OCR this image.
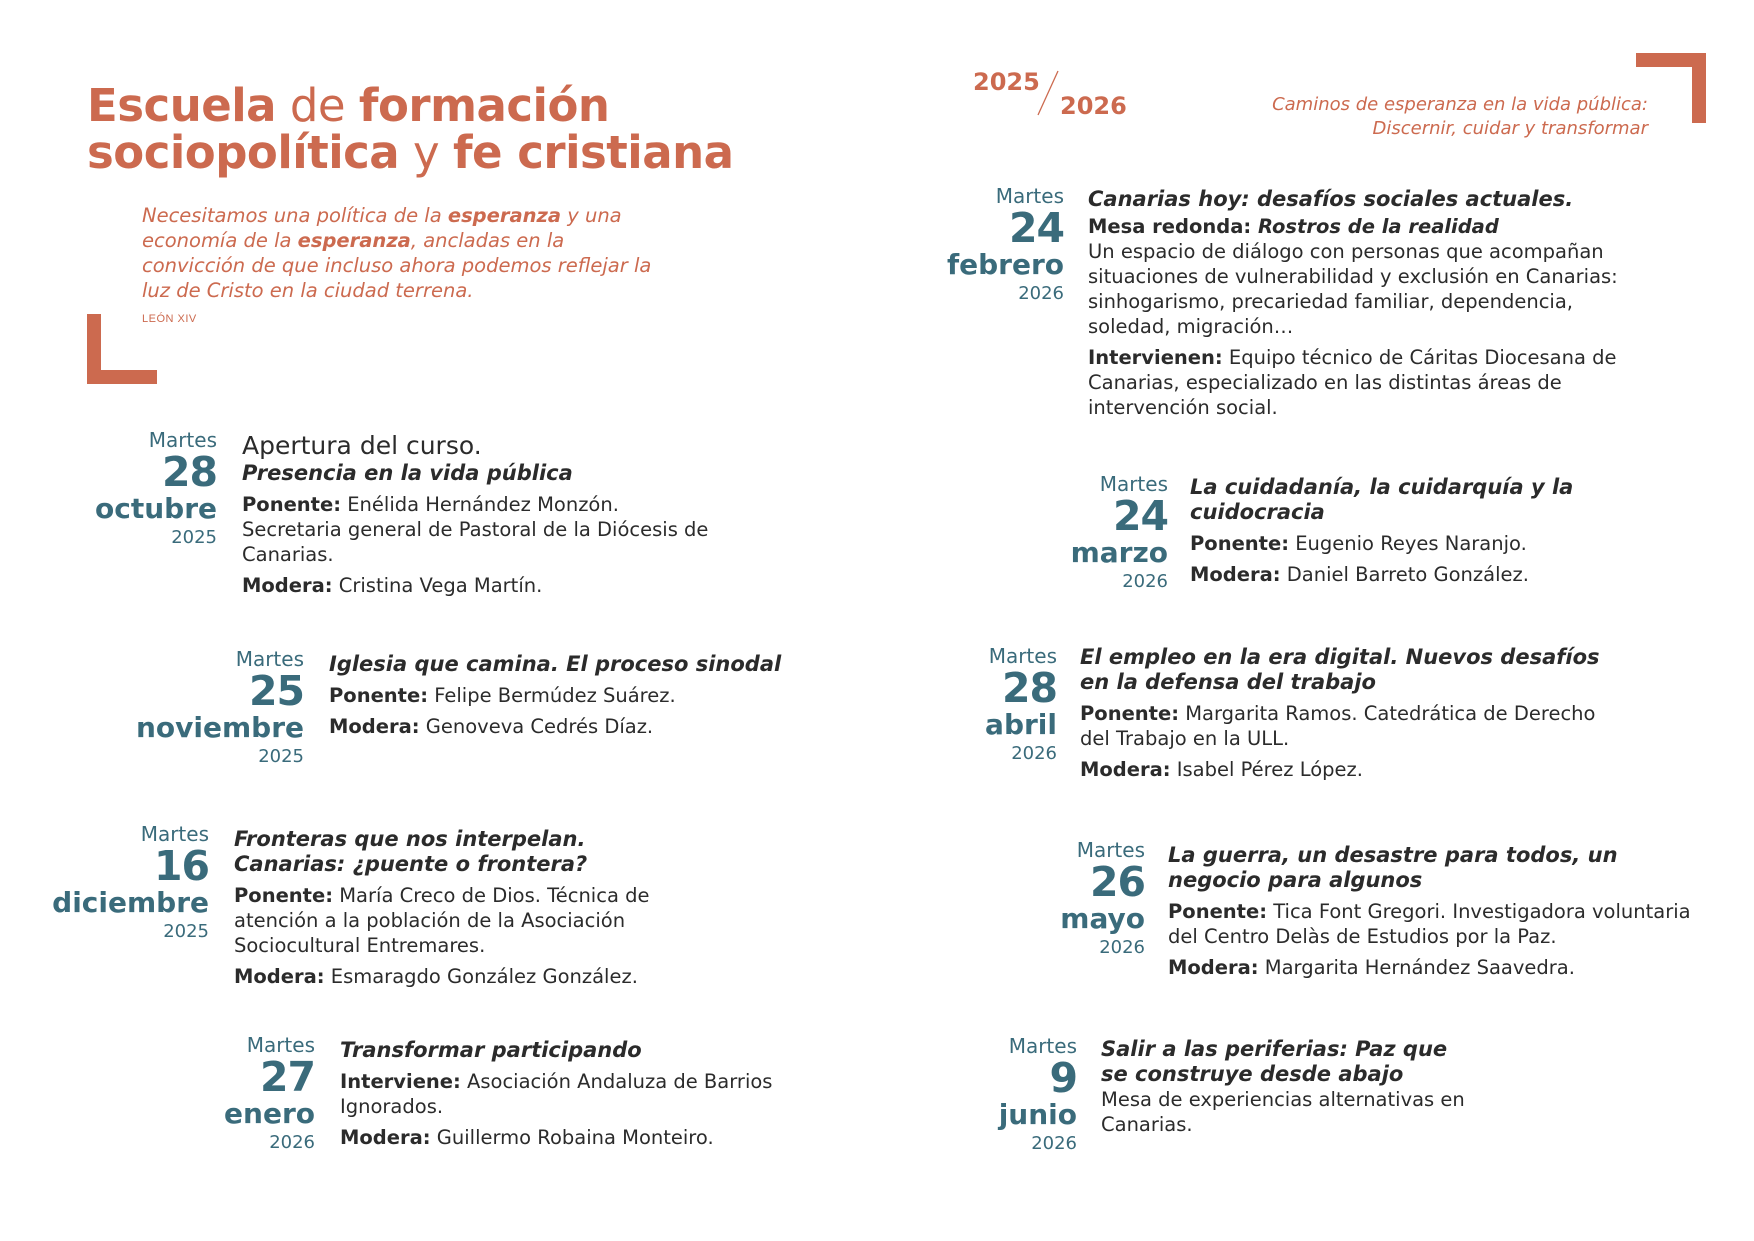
Escuela de formación
sociopolítica y fe cristiana
Necesitamos una política de la esperanza y una economía de la esperanza, ancladas en la convicción de que incluso ahora podemos reflejar la luz de Cristo en la ciudad terrena.
LEÓN XIV
2025
2026	Caminos de esperanza en la vida pública:
Discernir, cuidar y transformar
Martes
28
octubre
2025
Apertura del curso.
Presencia en la vida pública
Ponente: Enélida Hernández Monzón. Secretaria general de Pastoral de la Diócesis de Canarias.
Modera: Cristina Vega Martín.
Martes
25
noviembre
2025
Iglesia que camina. El proceso sinodal
Ponente: Felipe Bermúdez Suárez.
Modera: Genoveva Cedrés Díaz.
Martes
16
diciembre
2025
Fronteras que nos interpelan. Canarias: ¿puente o frontera?
Ponente: María Creco de Dios. Técnica de atención a la población de la Asociación Sociocultural Entremares.
Modera: Esmaragdo González González.
Martes
27
enero
2026
Transformar participando
Interviene: Asociación Andaluza de Barrios Ignorados.
Modera: Guillermo Robaina Monteiro.
Martes
24
febrero
2026
Canarias hoy: desafíos sociales actuales.
Mesa redonda: Rostros de la realidad
Un espacio de diálogo con personas que acompañan situaciones de vulnerabilidad y exclusión en Canarias: sinhogarismo, precariedad familiar, dependencia, soledad, migración…
Intervienen: Equipo técnico de Cáritas Diocesana de Canarias, especializado en las distintas áreas de intervención social.
Martes
24
marzo
2026
La cuidadanía, la cuidarquía y la cuidocracia
Ponente: Eugenio Reyes Naranjo.
Modera: Daniel Barreto González.
Martes
28
abril
2026
El empleo en la era digital. Nuevos desafíos en la defensa del trabajo
Ponente: Margarita Ramos. Catedrática de Derecho del Trabajo en la ULL.
Modera: Isabel Pérez López.
Martes
26
mayo
2026
La guerra, un desastre para todos, un negocio para algunos
Ponente: Tica Font Gregori. Investigadora voluntaria del Centro Delàs de Estudios por la Paz.
Modera: Margarita Hernández Saavedra.
Martes
9
junio
2026
Salir a las periferias: Paz que se construye desde abajo
Mesa de experiencias alternativas en Canarias.
